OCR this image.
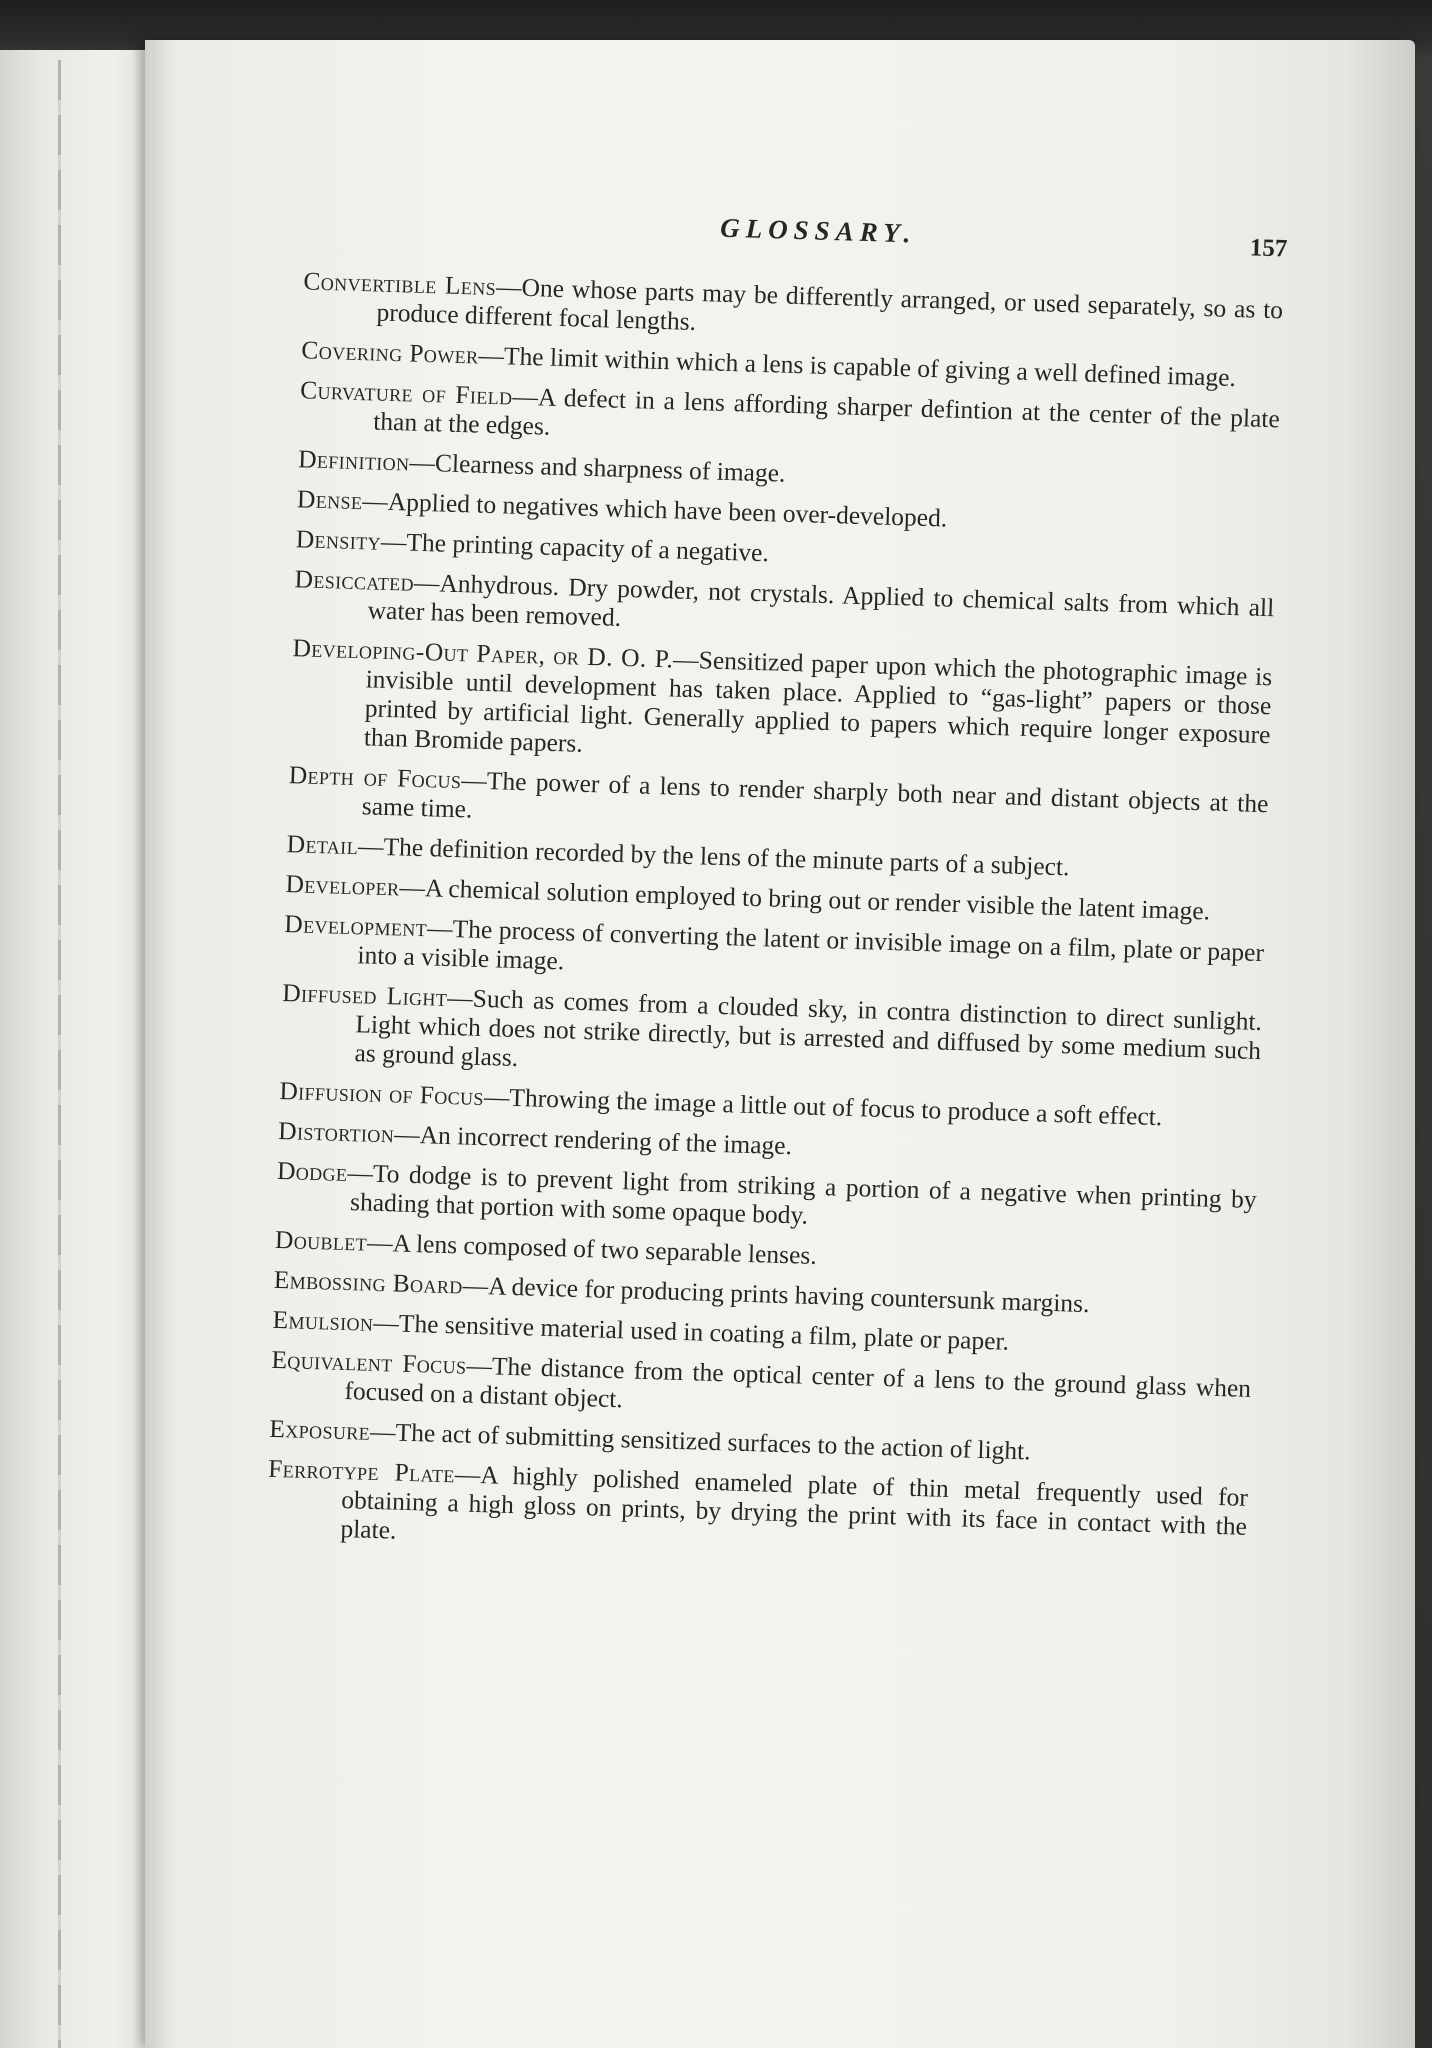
GLOSSARY.	157

Convertible Lens—One whose parts may be differently arranged, or used separately, so as to produce different focal lengths.

Covering Power—The limit within which a lens is capable of giving a well defined image.

Curvature of Field—A defect in a lens affording sharper defintion at the center of the plate than at the edges.

Definition—Clearness and sharpness of image.

Dense—Applied to negatives which have been over-developed.

Density—The printing capacity of a negative.

Desiccated—Anhydrous. Dry powder, not crystals. Applied to chemical salts from which all water has been removed.

Developing-Out Paper, or D. O. P.—Sensitized paper upon which the photographic image is invisible until development has taken place. Applied to “gas-light” papers or those printed by artificial light. Generally applied to papers which require longer exposure than Bromide papers.

Depth of Focus—The power of a lens to render sharply both near and distant objects at the same time.

Detail—The definition recorded by the lens of the minute parts of a subject.

Developer—A chemical solution employed to bring out or render visible the latent image.

Development—The process of converting the latent or invisible image on a film, plate or paper into a visible image.

Diffused Light—Such as comes from a clouded sky, in contra distinction to direct sunlight. Light which does not strike directly, but is arrested and diffused by some medium such as ground glass.

Diffusion of Focus—Throwing the image a little out of focus to produce a soft effect.

Distortion—An incorrect rendering of the image.

Dodge—To dodge is to prevent light from striking a portion of a negative when printing by shading that portion with some opaque body.

Doublet—A lens composed of two separable lenses.

Embossing Board—A device for producing prints having countersunk margins.

Emulsion—The sensitive material used in coating a film, plate or paper.

Equivalent Focus—The distance from the optical center of a lens to the ground glass when focused on a distant object.

Exposure—The act of submitting sensitized surfaces to the action of light.

Ferrotype Plate—A highly polished enameled plate of thin metal frequently used for obtaining a high gloss on prints, by drying the print with its face in contact with the plate.
